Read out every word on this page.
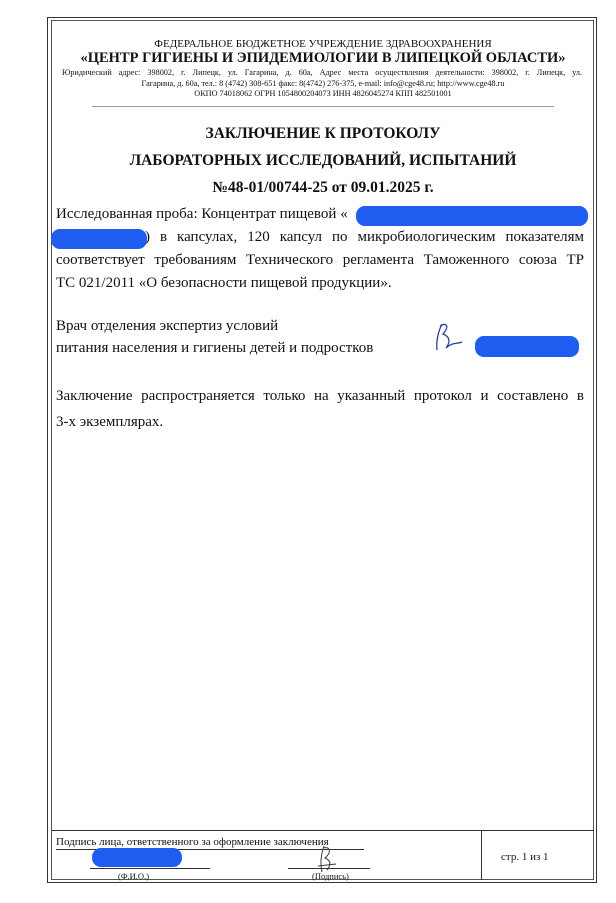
ФЕДЕРАЛЬНОЕ БЮДЖЕТНОЕ УЧРЕЖДЕНИЕ ЗДРАВООХРАНЕНИЯ
«ЦЕНТР ГИГИЕНЫ И ЭПИДЕМИОЛОГИИ В ЛИПЕЦКОЙ ОБЛАСТИ»
Юридический адрес: 398002, г. Липецк, ул. Гагарина, д. 60а, Адрес места осуществления деятельности: 398002, г. Липецк, ул.
Гагарина, д. 60а, тел.: 8 (4742) 308-651 факс: 8(4742) 276-375, e-mail: info@cge48.ru; http://www.cge48.ru
ОКПО 74018062 ОГРН 1054800204073 ИНН 4826045274 КПП 482501001
ЗАКЛЮЧЕНИЕ К ПРОТОКОЛУ
ЛАБОРАТОРНЫХ ИССЛЕДОВАНИЙ, ИСПЫТАНИЙ
№48-01/00744-25 от 09.01.2025 г.
Исследованная проба: Концентрат пищевой «
) в капсулах, 120 капсул по микробиологическим показателям
соответствует требованиям Технического регламента Таможенного союза ТР
ТС 021/2011 «О безопасности пищевой продукции».
Врач отделения экспертиз условий
питания населения и гигиены детей и подростков
Заключение распространяется только на указанный протокол и составлено в
3-х экземплярах.
Подпись лица, ответственного за оформление заключения
(Ф.И.О.)	(Подпись)
стр. 1 из 1
